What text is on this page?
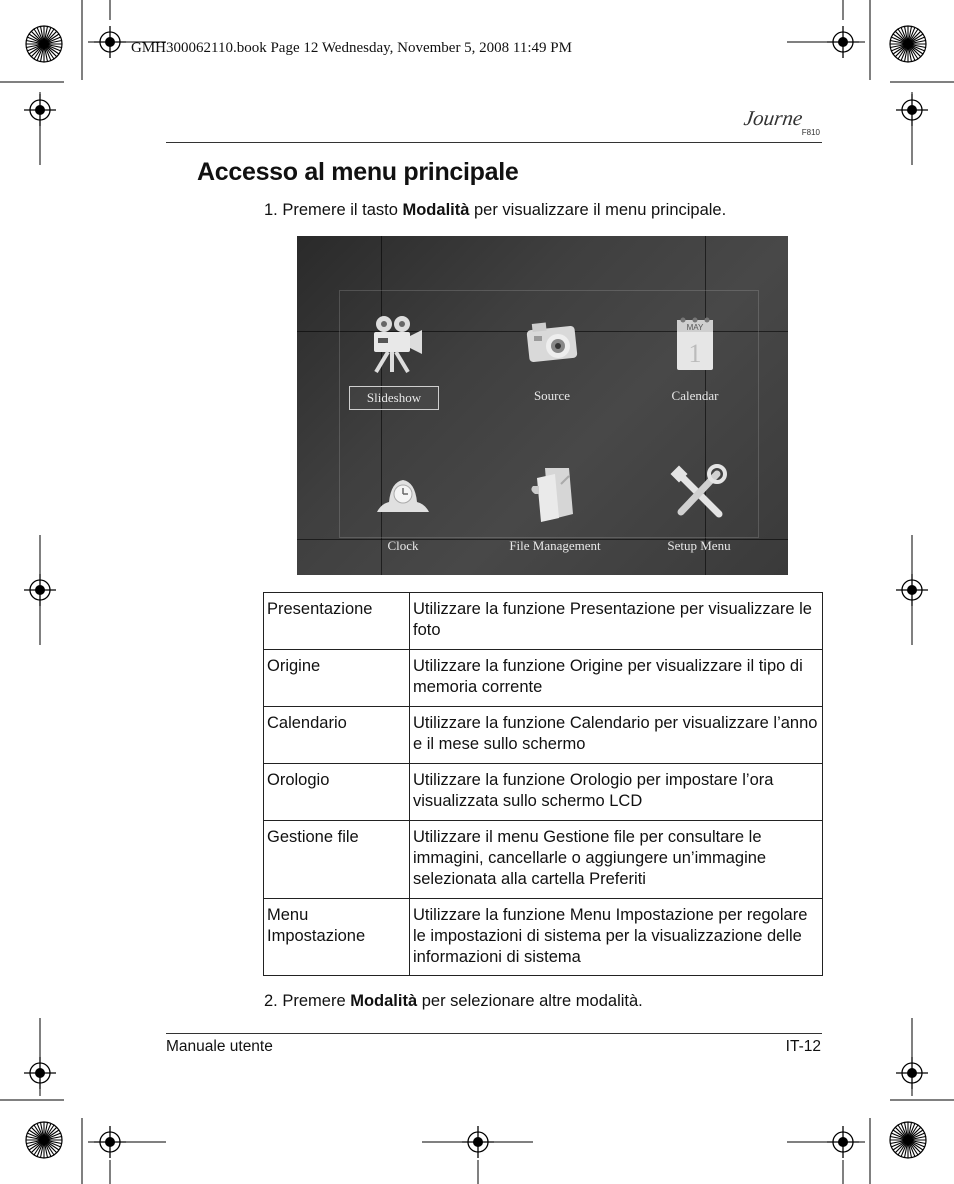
GMH300062110.book Page 12 Wednesday, November 5, 2008 11:49 PM
Journe
F810
Accesso al menu principale
1. Premere il tasto Modalità per visualizzare il menu principale.
Slideshow	Source
MAY
1
Calendar
Clock	File Management	Setup Menu
Presentazione	Utilizzare la funzione Presentazione per visualizzare le foto
Origine	Utilizzare la funzione Origine per visualizzare il tipo di memoria corrente
Calendario	Utilizzare la funzione Calendario per visualizzare l’anno e il mese sullo schermo
Orologio	Utilizzare la funzione Orologio per impostare l’ora visualizzata sullo schermo LCD
Gestione file	Utilizzare il menu Gestione file per consultare le immagini, cancellarle o aggiungere un’immagine selezionata alla cartella Preferiti
Menu Impostazione	Utilizzare la funzione Menu Impostazione per regolare le impostazioni di sistema per la visualizzazione delle informazioni di sistema
2. Premere Modalità per selezionare altre modalità.
Manuale utente	IT-12
